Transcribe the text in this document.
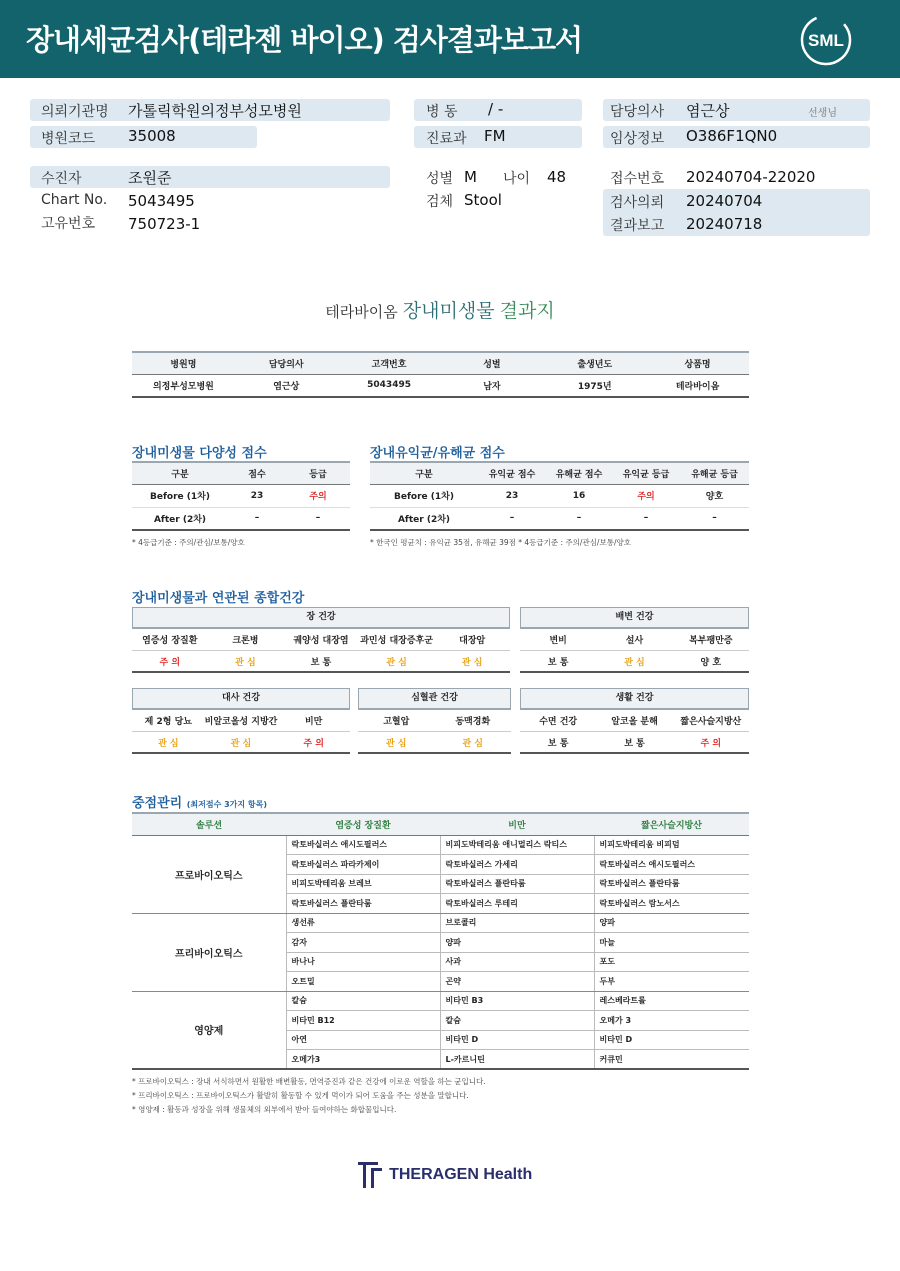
장내세균검사(테라젠 바이오) 검사결과보고서	SML
의뢰기관명 가톨릭학원의정부성모병원
병원코드 35008
병 동 / -
진료과 FM
담당의사 염근상	선생님
임상정보 O386F1QN0
수진자	조원준
Chart No. 5043495
고유번호 750723-1
성별 M 나이 48
검체 Stool
접수번호 20240704-22020
검사의뢰 20240704
결과보고 20240718
테라바이옴 장내미생물 결과지
병원명	담당의사	고객번호	성별	출생년도	상품명
의정부성모병원	염근상	5043495	남자	1975년	테라바이옴
장내미생물 다양성 점수
구분	점수	등급
Before (1차)	23	주의
After (2차)	–	–
* 4등급기준 : 주의/관심/보통/양호
장내유익균/유해균 점수
구분	유익균 점수	유해균 점수	유익균 등급	유해균 등급
Before (1차)	23	16	주의	양호
After (2차)	–	–	–	–
* 한국인 평균치 : 유익균 35점, 유해균 39점 * 4등급기준 : 주의/관심/보통/양호
장내미생물과 연관된 종합건강
장 건강
염증성 장질환	크론병	궤양성 대장염	과민성 대장증후군	대장암
주 의	관 심	보 통	관 심	관 심
배변 건강
변비	설사	복부팽만증
보 통	관 심	양 호
대사 건강
제 2형 당뇨	비알코올성 지방간	비만
관 심	관 심	주 의
심혈관 건강
고혈압	동맥경화
관 심	관 심
생활 건강
수면 건강	알코올 분해	짧은사슬지방산
보 통	보 통	주 의
중점관리 (최저점수 3가지 항목)
솔루션	염증성 장질환	비만	짧은사슬지방산
프로바이오틱스	락토바실러스 애시도필러스	비피도박테리움 애니멀리스 락티스	비피도박테리움 비피덤
	락토바실러스 파라카제이	락토바실러스 가세리	락토바실러스 애시도필러스
	비피도박테리움 브레브	락토바실러스 플란타룸	락토바실러스 플란타룸
	락토바실러스 플란타룸	락토바실러스 루테리	락토바실러스 람노서스
프리바이오틱스	생선류	브로콜리	양파
	감자	양파	마늘
	바나나	사과	포도
	오트밀	곤약	두부
영양제	칼슘	비타민 B3	레스베라트롤
	비타민 B12	칼슘	오메가 3
	아연	비타민 D	비타민 D
	오메가3	L-카르니틴	커큐민
* 프로바이오틱스 : 장내 서식하면서 원활한 배변활동, 면역증진과 같은 건강에 이로운 역할을 하는 균입니다.
* 프리바이오틱스 : 프로바이오틱스가 활발히 활동할 수 있게 먹이가 되어 도움을 주는 성분을 말합니다.
* 영양제 : 활동과 성장을 위해 생물체의 외부에서 받아 들여야하는 화합물입니다.
THERAGEN Health
